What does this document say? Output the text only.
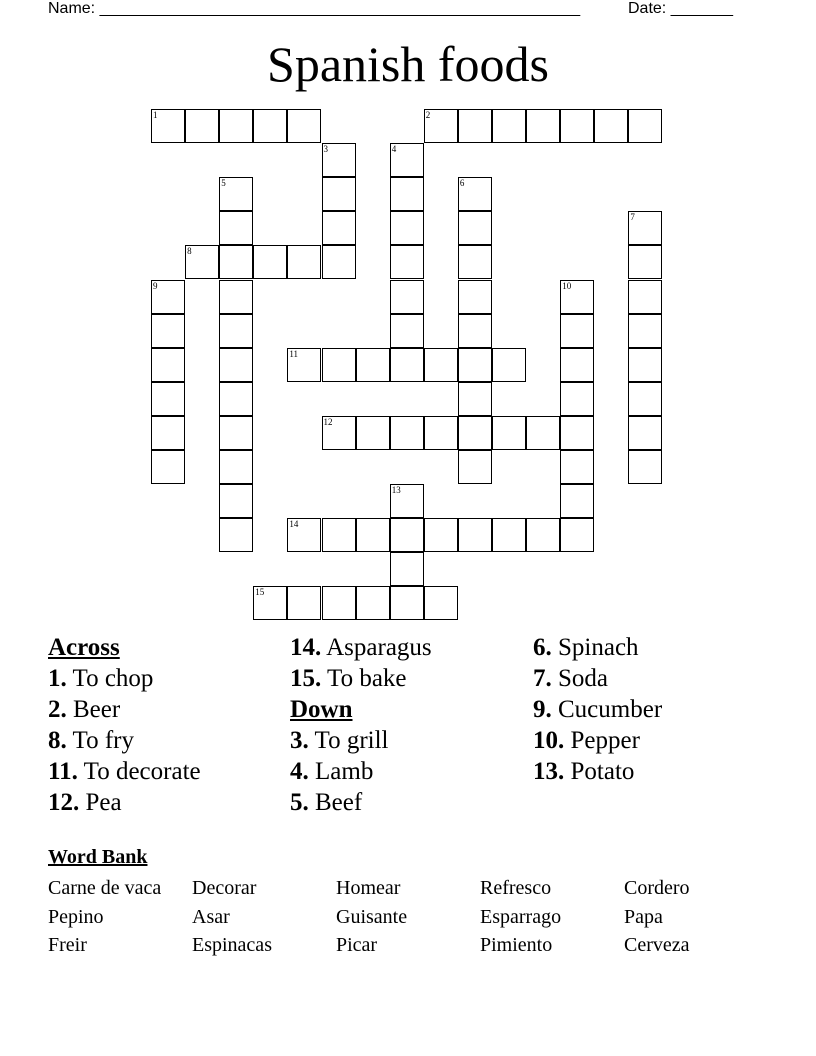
Name: ______________________________________________________	Date: _______
Spanish foods
1	2
3	4
5	6
7
8
9	10
11
12
13
14
15

Across

1. To chop

2. Beer

8. To fry

11. To decorate

12. Pea

14. Asparagus

15. To bake

Down

3. To grill

4. Lamb

5. Beef

6. Spinach

7. Soda

9. Cucumber

10. Pepper

13. Potato

Word Bank
Carne de vaca	Decorar	Homear	Refresco	Cordero
Pepino	Asar	Guisante	Esparrago	Papa
Freir	Espinacas	Picar	Pimiento	Cerveza
